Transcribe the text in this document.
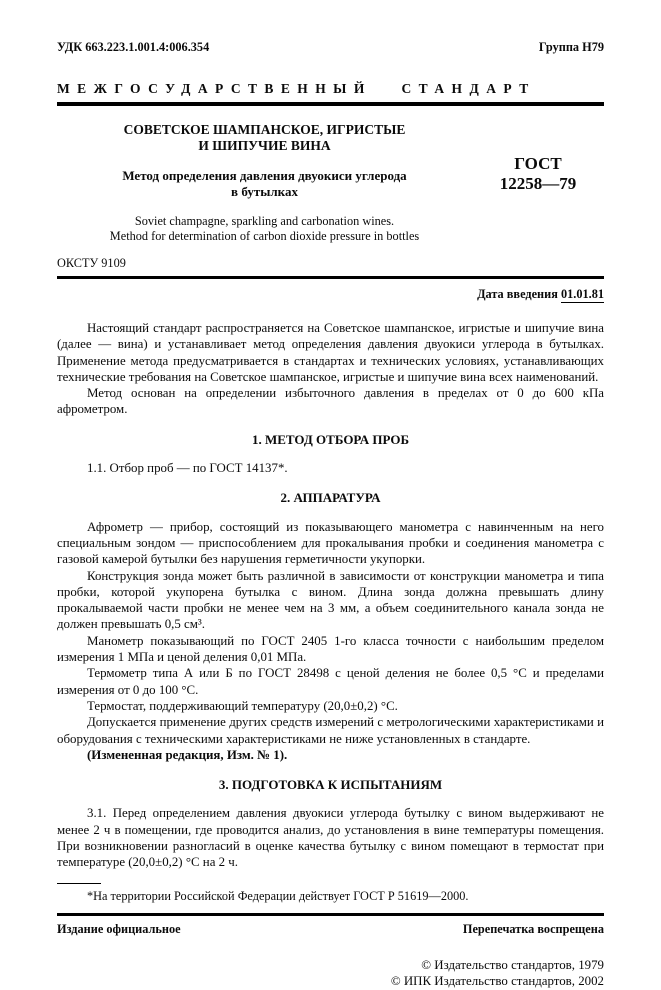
УДК 663.223.1.001.4:006.354	Группа Н79
МЕЖГОСУДАРСТВЕННЫЙ СТАНДАРТ
СОВЕТСКОЕ ШАМПАНСКОЕ, ИГРИСТЫЕ
И ШИПУЧИЕ ВИНА
Метод определения давления двуокиси углерода
в бутылках
Soviet champagne, sparkling and carbonation wines.
Method for determination of carbon dioxide pressure in bottles
ГОСТ
12258—79
ОКСТУ 9109
Дата введения 01.01.81

Настоящий стандарт распространяется на Советское шампанское, игристые и шипучие вина (далее — вина) и устанавливает метод определения давления двуокиси углерода в бутылках. Применение метода предусматривается в стандартах и технических условиях, устанавливающих технические требования на Советское шампанское, игристые и шипучие вина всех наименований.

Метод основан на определении избыточного давления в пределах от 0 до 600 кПа афрометром.

1. МЕТОД ОТБОРА ПРОБ

1.1. Отбор проб — по ГОСТ 14137*.

2. АППАРАТУРА

Афрометр — прибор, состоящий из показывающего манометра с навинченным на него специальным зондом — приспособлением для прокалывания пробки и соединения манометра с газовой камерой бутылки без нарушения герметичности укупорки.

Конструкция зонда может быть различной в зависимости от конструкции манометра и типа пробки, которой укупорена бутылка с вином. Длина зонда должна превышать длину прокалываемой части пробки не менее чем на 3 мм, а объем соединительного канала зонда не должен превышать 0,5 см³.

Манометр показывающий по ГОСТ 2405 1-го класса точности с наибольшим пределом измерения 1 МПа и ценой деления 0,01 МПа.

Термометр типа А или Б по ГОСТ 28498 с ценой деления не более 0,5 °С и пределами измерения от 0 до 100 °С.

Термостат, поддерживающий температуру (20,0±0,2) °С.

Допускается применение других средств измерений с метрологическими характеристиками и оборудования с техническими характеристиками не ниже установленных в стандарте.

(Измененная редакция, Изм. № 1).

3. ПОДГОТОВКА К ИСПЫТАНИЯМ

3.1. Перед определением давления двуокиси углерода бутылку с вином выдерживают не менее 2 ч в помещении, где проводится анализ, до установления в вине температуры помещения. При возникновении разногласий в оценке качества бутылку с вином помещают в термостат при температуре (20,0±0,2) °С на 2 ч.

*На территории Российской Федерации действует ГОСТ Р 51619—2000.

Издание официальное	Перепечатка воспрещена
© Издательство стандартов, 1979
© ИПК Издательство стандартов, 2002
